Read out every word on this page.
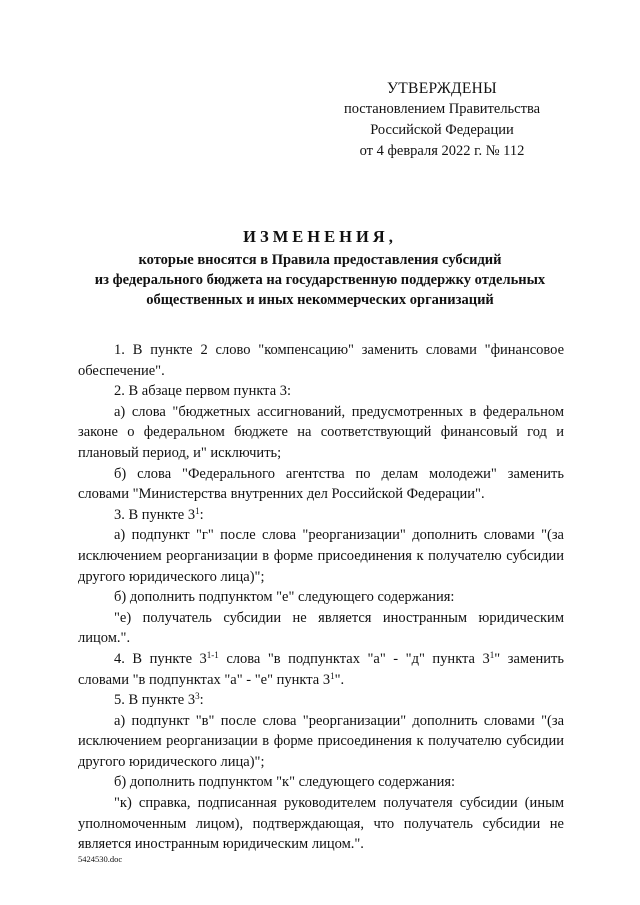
УТВЕРЖДЕНЫ
постановлением Правительства
Российской Федерации
от 4 февраля 2022 г. № 112
ИЗМЕНЕНИЯ,
которые вносятся в Правила предоставления субсидий
из федерального бюджета на государственную поддержку отдельных
общественных и иных некоммерческих организаций

1. В пункте 2 слово "компенсацию" заменить словами "финансовое обеспечение".

2. В абзаце первом пункта 3:

а) слова "бюджетных ассигнований, предусмотренных в федеральном законе о федеральном бюджете на соответствующий финансовый год и плановый период, и" исключить;

б) слова "Федерального агентства по делам молодежи" заменить словами "Министерства внутренних дел Российской Федерации".

3. В пункте $3^1$:

а) подпункт "г" после слова "реорганизации" дополнить словами "(за исключением реорганизации в форме присоединения к получателю субсидии другого юридического лица)";

б) дополнить подпунктом "е" следующего содержания:

"е) получатель субсидии не является иностранным юридическим лицом.".

4. В пункте 3$^{1-1}$ слова "в подпунктах "а" - "д" пункта $3^1$" заменить словами "в подпунктах "а" - "е" пункта $3^1$".

5. В пункте $3^3$:

а) подпункт "в" после слова "реорганизации" дополнить словами "(за исключением реорганизации в форме присоединения к получателю субсидии другого юридического лица)";

б) дополнить подпунктом "к" следующего содержания:

"к) справка, подписанная руководителем получателя субсидии (иным уполномоченным лицом), подтверждающая, что получатель субсидии не является иностранным юридическим лицом.".

5424530.doc
